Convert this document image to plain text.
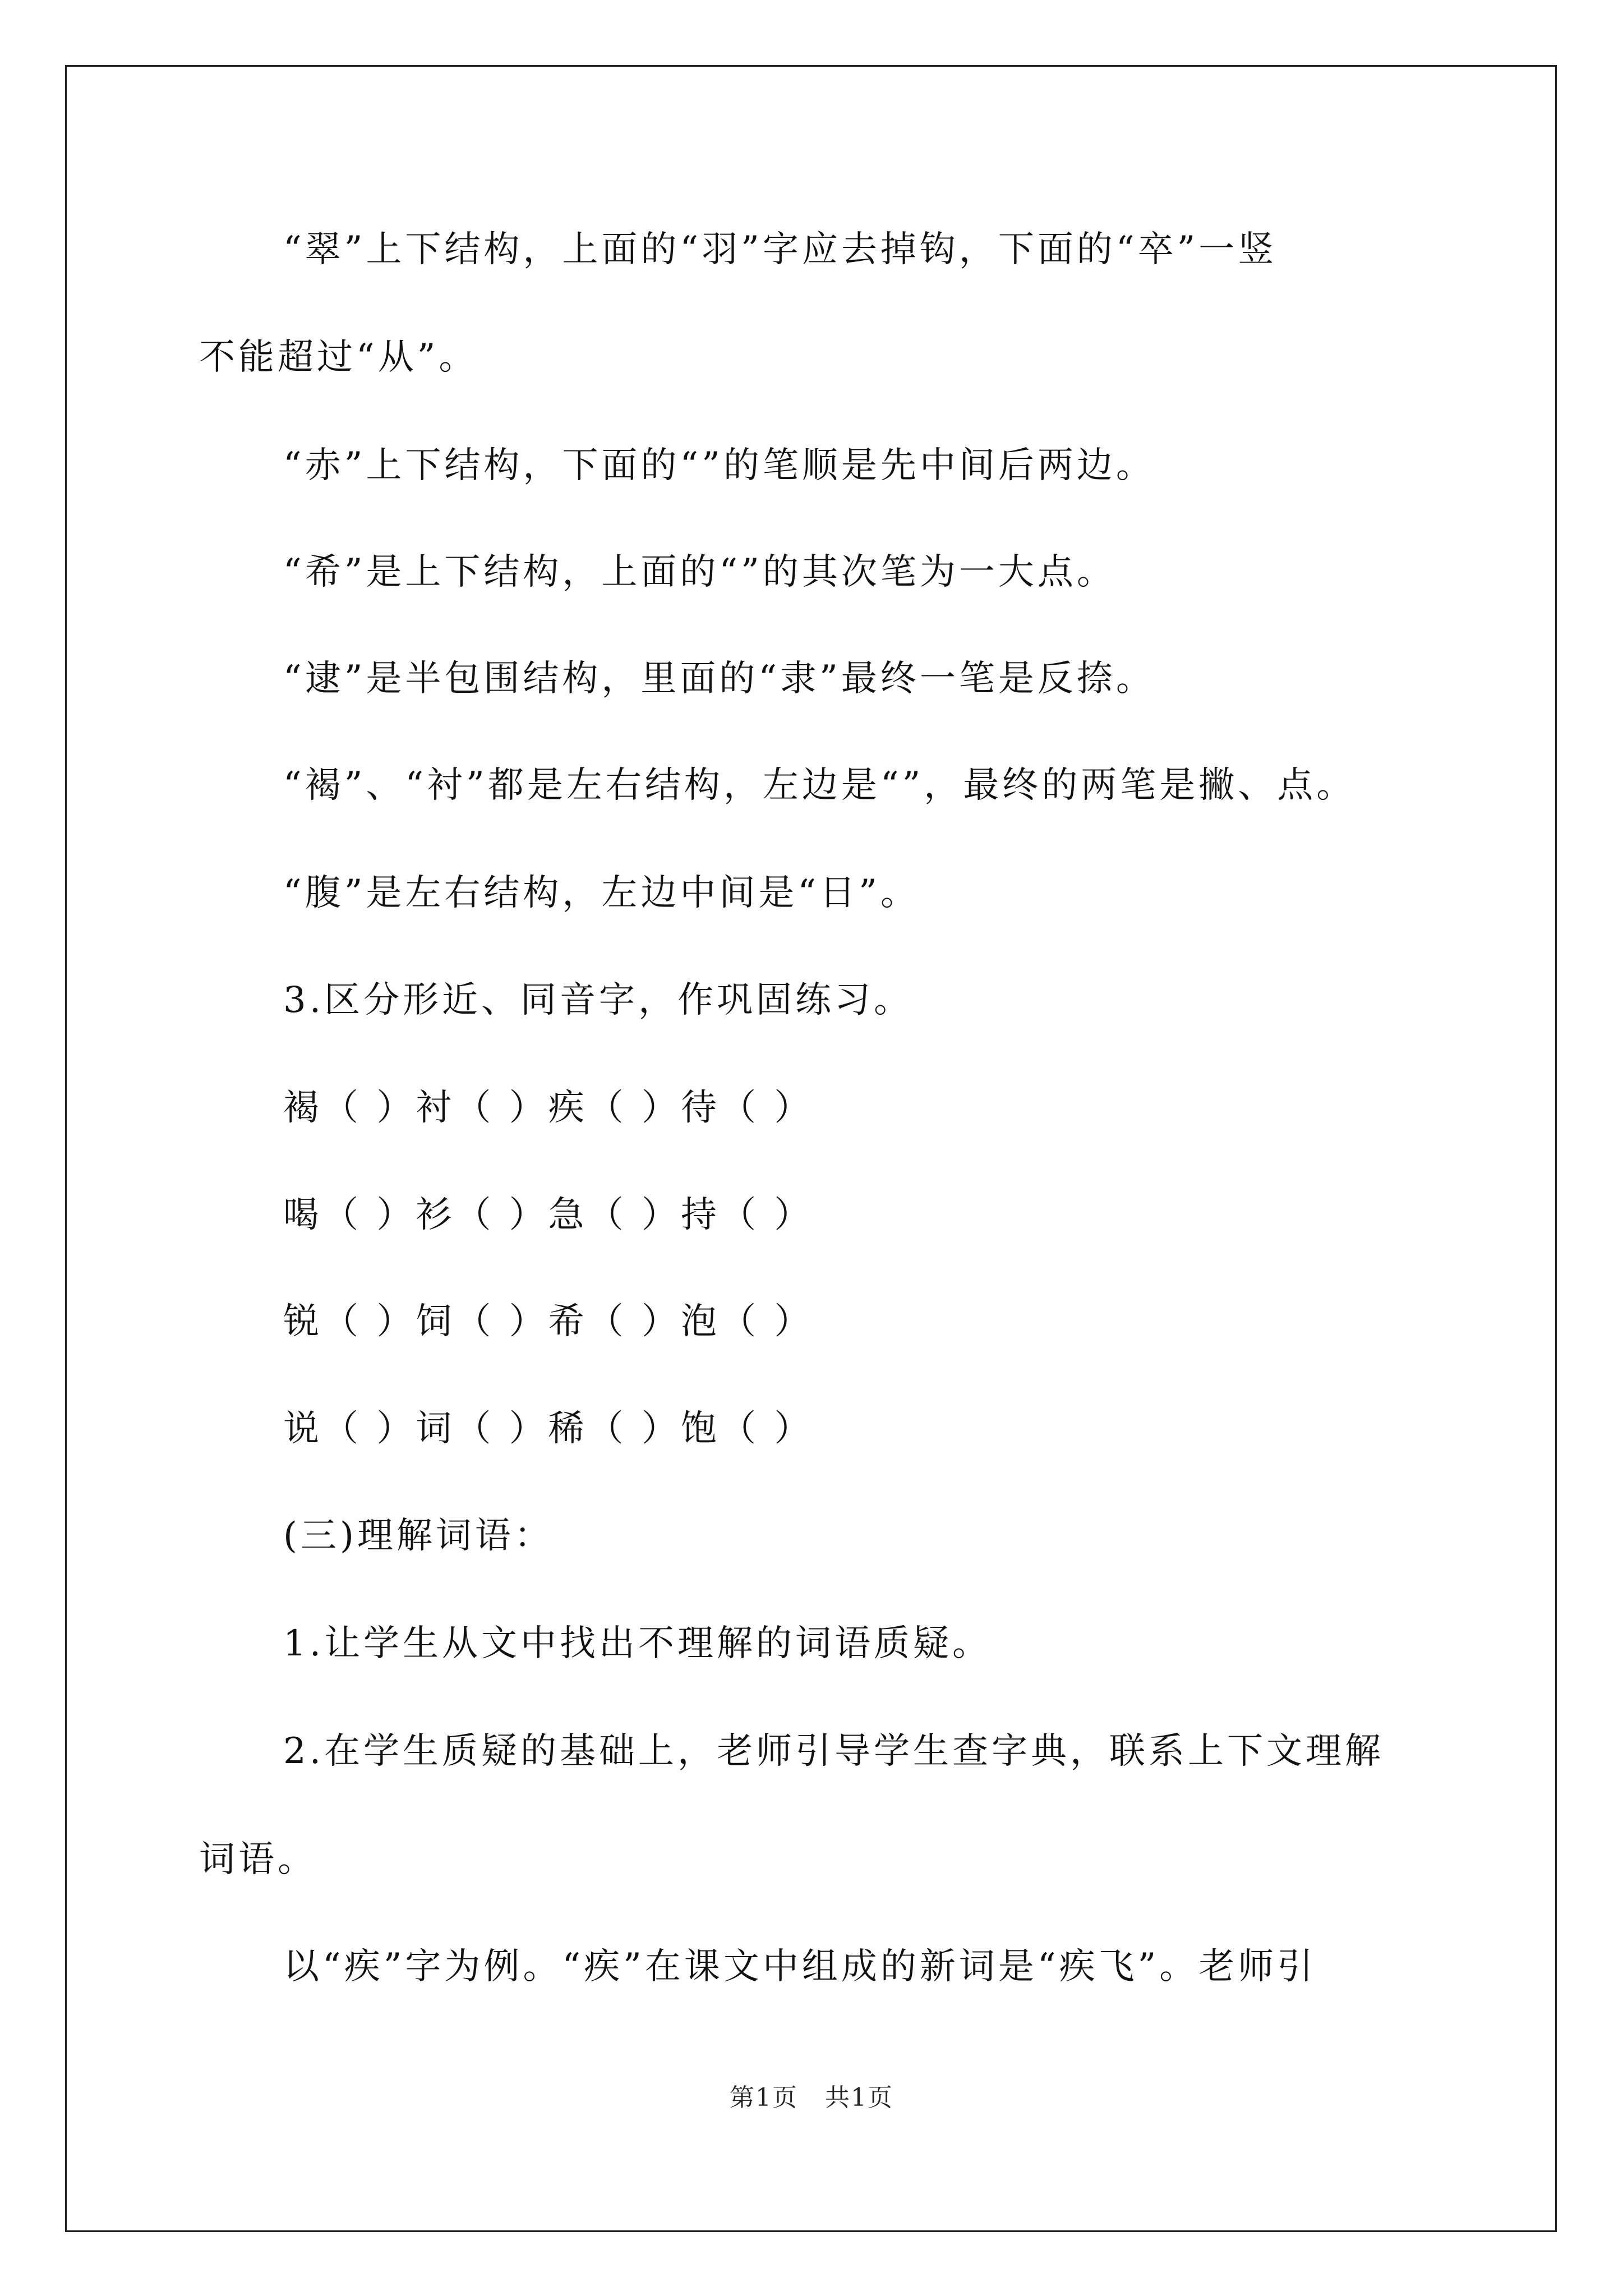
“翠”上下结构，上面的“羽”字应去掉钩，下面的“卒”一竖
不能超过“从”。
“赤”上下结构，下面的“”的笔顺是先中间后两边。
“希”是上下结构，上面的“”的其次笔为一大点。
“逮”是半包围结构，里面的“隶”最终一笔是反捺。
“褐”、“衬”都是左右结构，左边是“”，最终的两笔是撇、点。
“腹”是左右结构，左边中间是“日”。
3.区分形近、同音字，作巩固练习。
褐（ ）衬（ ）疾（ ）待（ ）
喝（ ）衫（ ）急（ ）持（ ）
锐（ ）饲（ ）希（ ）泡（ ）
说（ ）词（ ）稀（ ）饱（ ）
(三)理解词语：
1.让学生从文中找出不理解的词语质疑。
2.在学生质疑的基础上，老师引导学生查字典，联系上下文理解
词语。
以“疾”字为例。“疾”在课文中组成的新词是“疾飞”。老师引
第1页   共1页
